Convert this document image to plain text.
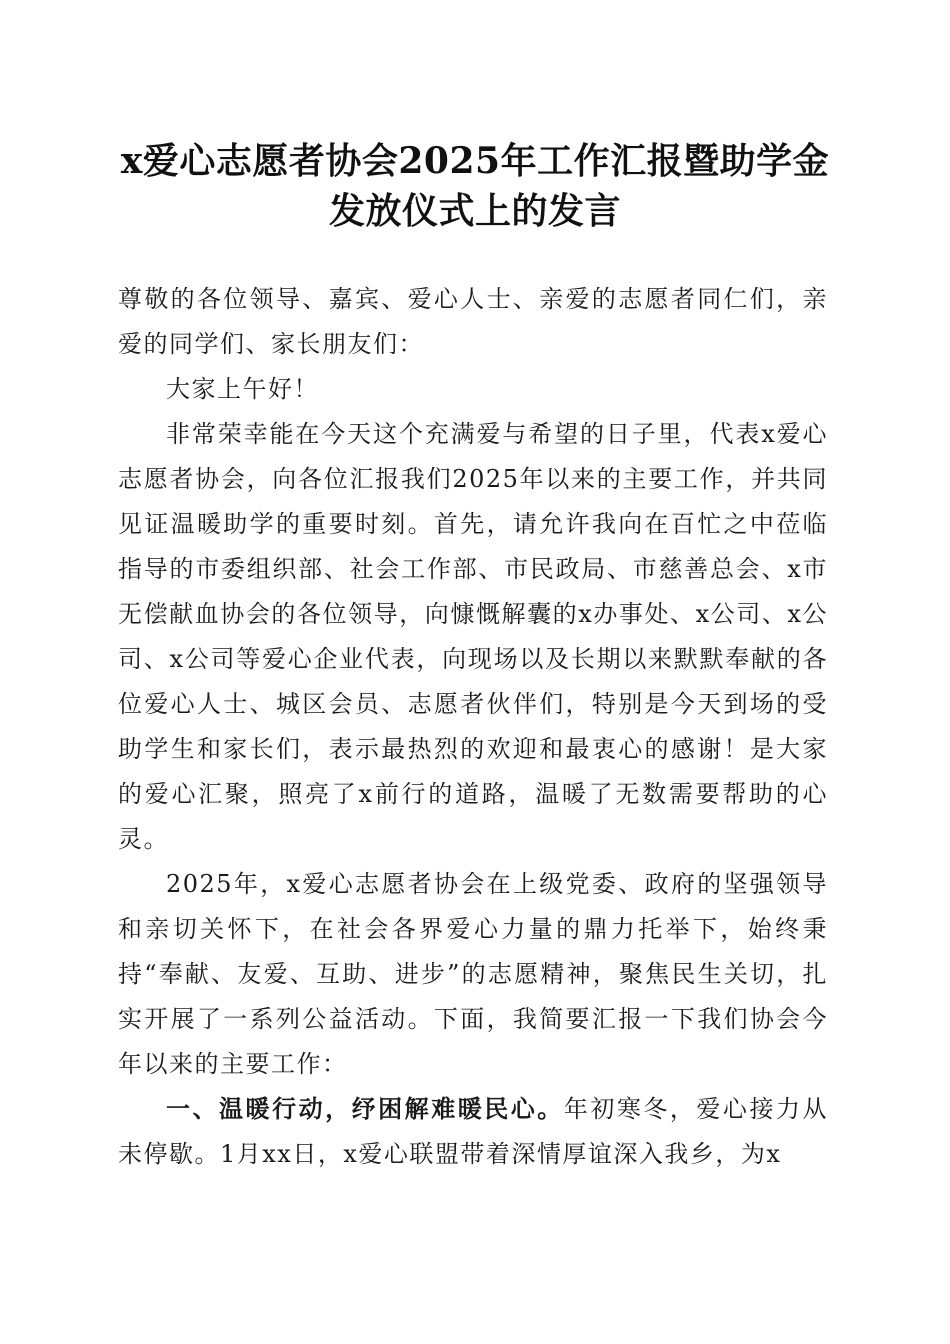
x爱心志愿者协会2025年工作汇报暨助学金发放仪式上的发言

尊敬的各位领导、嘉宾、爱心人士、亲爱的志愿者同仁们，亲爱的同学们、家长朋友们：

大家上午好！

非常荣幸能在今天这个充满爱与希望的日子里，代表x爱心志愿者协会，向各位汇报我们2025年以来的主要工作，并共同见证温暖助学的重要时刻。首先，请允许我向在百忙之中莅临指导的市委组织部、社会工作部、市民政局、市慈善总会、x市无偿献血协会的各位领导，向慷慨解囊的x办事处、x公司、x公司、x公司等爱心企业代表，向现场以及长期以来默默奉献的各位爱心人士、城区会员、志愿者伙伴们，特别是今天到场的受助学生和家长们，表示最热烈的欢迎和最衷心的感谢！是大家的爱心汇聚，照亮了x前行的道路，温暖了无数需要帮助的心灵。

2025年，x爱心志愿者协会在上级党委、政府的坚强领导和亲切关怀下，在社会各界爱心力量的鼎力托举下，始终秉持“奉献、友爱、互助、进步”的志愿精神，聚焦民生关切，扎实开展了一系列公益活动。下面，我简要汇报一下我们协会今年以来的主要工作：

一、温暖行动，纾困解难暖民心。年初寒冬，爱心接力从未停歇。1月xx日，x爱心联盟带着深情厚谊深入我乡，为x
